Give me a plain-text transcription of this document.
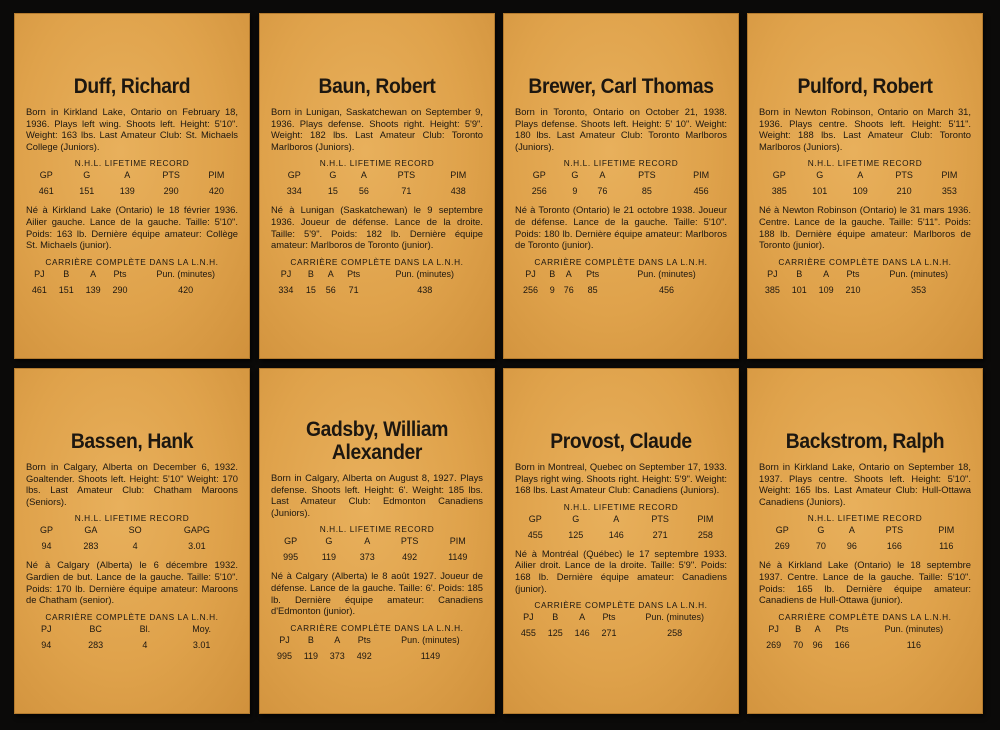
Duff, Richard
Born in Kirkland Lake, Ontario on February 18, 1936. Plays left wing. Shoots left. Height: 5'10". Weight: 163 lbs. Last Amateur Club: St. Michaels College (Juniors).
N.H.L. LIFETIME RECORD
GP	G	A	PTS	PIM
461	151	139	290	420
Né à Kirkland Lake (Ontario) le 18 février 1936. Ailier gauche. Lance de la gauche. Taille: 5'10". Poids: 163 lb. Dernière équipe amateur: Collège St. Michaels (junior).
CARRIÈRE COMPLÈTE DANS LA L.N.H.
PJ	B	A	Pts	Pun. (minutes)
461	151	139	290	420
Baun, Robert
Born in Lunigan, Saskatchewan on September 9, 1936. Plays defense. Shoots right. Height: 5'9". Weight: 182 lbs. Last Amateur Club: Toronto Marlboros (Juniors).
N.H.L. LIFETIME RECORD
GP	G	A	PTS	PIM
334	15	56	71	438
Né à Lunigan (Saskatchewan) le 9 septembre 1936. Joueur de défense. Lance de la droite. Taille: 5'9". Poids: 182 lb. Dernière équipe amateur: Marlboros de Toronto (junior).
CARRIÈRE COMPLÈTE DANS LA L.N.H.
PJ	B	A	Pts	Pun. (minutes)
334	15	56	71	438
Brewer, Carl Thomas
Born in Toronto, Ontario on October 21, 1938. Plays defense. Shoots left. Height: 5' 10". Weight: 180 lbs. Last Amateur Club: Toronto Marlboros (Juniors).
N.H.L. LIFETIME RECORD
GP	G	A	PTS	PIM
256	9	76	85	456
Né à Toronto (Ontario) le 21 octobre 1938. Joueur de défense. Lance de la gauche. Taille: 5'10". Poids: 180 lb. Dernière équipe amateur: Marlboros de Toronto (junior).
CARRIÈRE COMPLÈTE DANS LA L.N.H.
PJ	B	A	Pts	Pun. (minutes)
256	9	76	85	456
Pulford, Robert
Born in Newton Robinson, Ontario on March 31, 1936. Plays centre. Shoots left. Height: 5'11". Weight: 188 lbs. Last Amateur Club: Toronto Marlboros (Juniors).
N.H.L. LIFETIME RECORD
GP	G	A	PTS	PIM
385	101	109	210	353
Né à Newton Robinson (Ontario) le 31 mars 1936. Centre. Lance de la gauche. Taille: 5'11". Poids: 188 lb. Dernière équipe amateur: Marlboros de Toronto (junior).
CARRIÈRE COMPLÈTE DANS LA L.N.H.
PJ	B	A	Pts	Pun. (minutes)
385	101	109	210	353
Bassen, Hank
Born in Calgary, Alberta on December 6, 1932. Goaltender. Shoots left. Height: 5'10" Weight: 170 lbs. Last Amateur Club: Chatham Maroons (Seniors).
N.H.L. LIFETIME RECORD
GP	GA	SO	GAPG
94	283	4	3.01
Né à Calgary (Alberta) le 6 décembre 1932. Gardien de but. Lance de la gauche. Taille: 5'10". Poids: 170 lb. Dernière équipe amateur: Maroons de Chatham (senior).
CARRIÈRE COMPLÈTE DANS LA L.N.H.
PJ	BC	Bl.	Moy.
94	283	4	3.01
Gadsby, William Alexander
Born in Calgary, Alberta on August 8, 1927. Plays defense. Shoots left. Height: 6'. Weight: 185 lbs. Last Amateur Club: Edmonton Canadiens (Juniors).
N.H.L. LIFETIME RECORD
GP	G	A	PTS	PIM
995	119	373	492	1149
Né à Calgary (Alberta) le 8 août 1927. Joueur de défense. Lance de la gauche. Taille: 6'. Poids: 185 lb. Dernière équipe amateur: Canadiens d'Edmonton (junior).
CARRIÈRE COMPLÈTE DANS LA L.N.H.
PJ	B	A	Pts	Pun. (minutes)
995	119	373	492	1149
Provost, Claude
Born in Montreal, Quebec on September 17, 1933. Plays right wing. Shoots right. Height: 5'9". Weight: 168 lbs. Last Amateur Club: Canadiens (Juniors).
N.H.L. LIFETIME RECORD
GP	G	A	PTS	PIM
455	125	146	271	258
Né à Montréal (Québec) le 17 septembre 1933. Ailier droit. Lance de la droite. Taille: 5'9". Poids: 168 lb. Dernière équipe amateur: Canadiens (junior).
CARRIÈRE COMPLÈTE DANS LA L.N.H.
PJ	B	A	Pts	Pun. (minutes)
455	125	146	271	258
Backstrom, Ralph
Born in Kirkland Lake, Ontario on September 18, 1937. Plays centre. Shoots left. Height: 5'10". Weight: 165 lbs. Last Amateur Club: Hull-Ottawa Canadiens (Juniors).
N.H.L. LIFETIME RECORD
GP	G	A	PTS	PIM
269	70	96	166	116
Né à Kirkland Lake (Ontario) le 18 septembre 1937. Centre. Lance de la gauche. Taille: 5'10". Poids: 165 lb. Dernière équipe amateur: Canadiens de Hull-Ottawa (junior).
CARRIÈRE COMPLÈTE DANS LA L.N.H.
PJ	B	A	Pts	Pun. (minutes)
269	70	96	166	116
